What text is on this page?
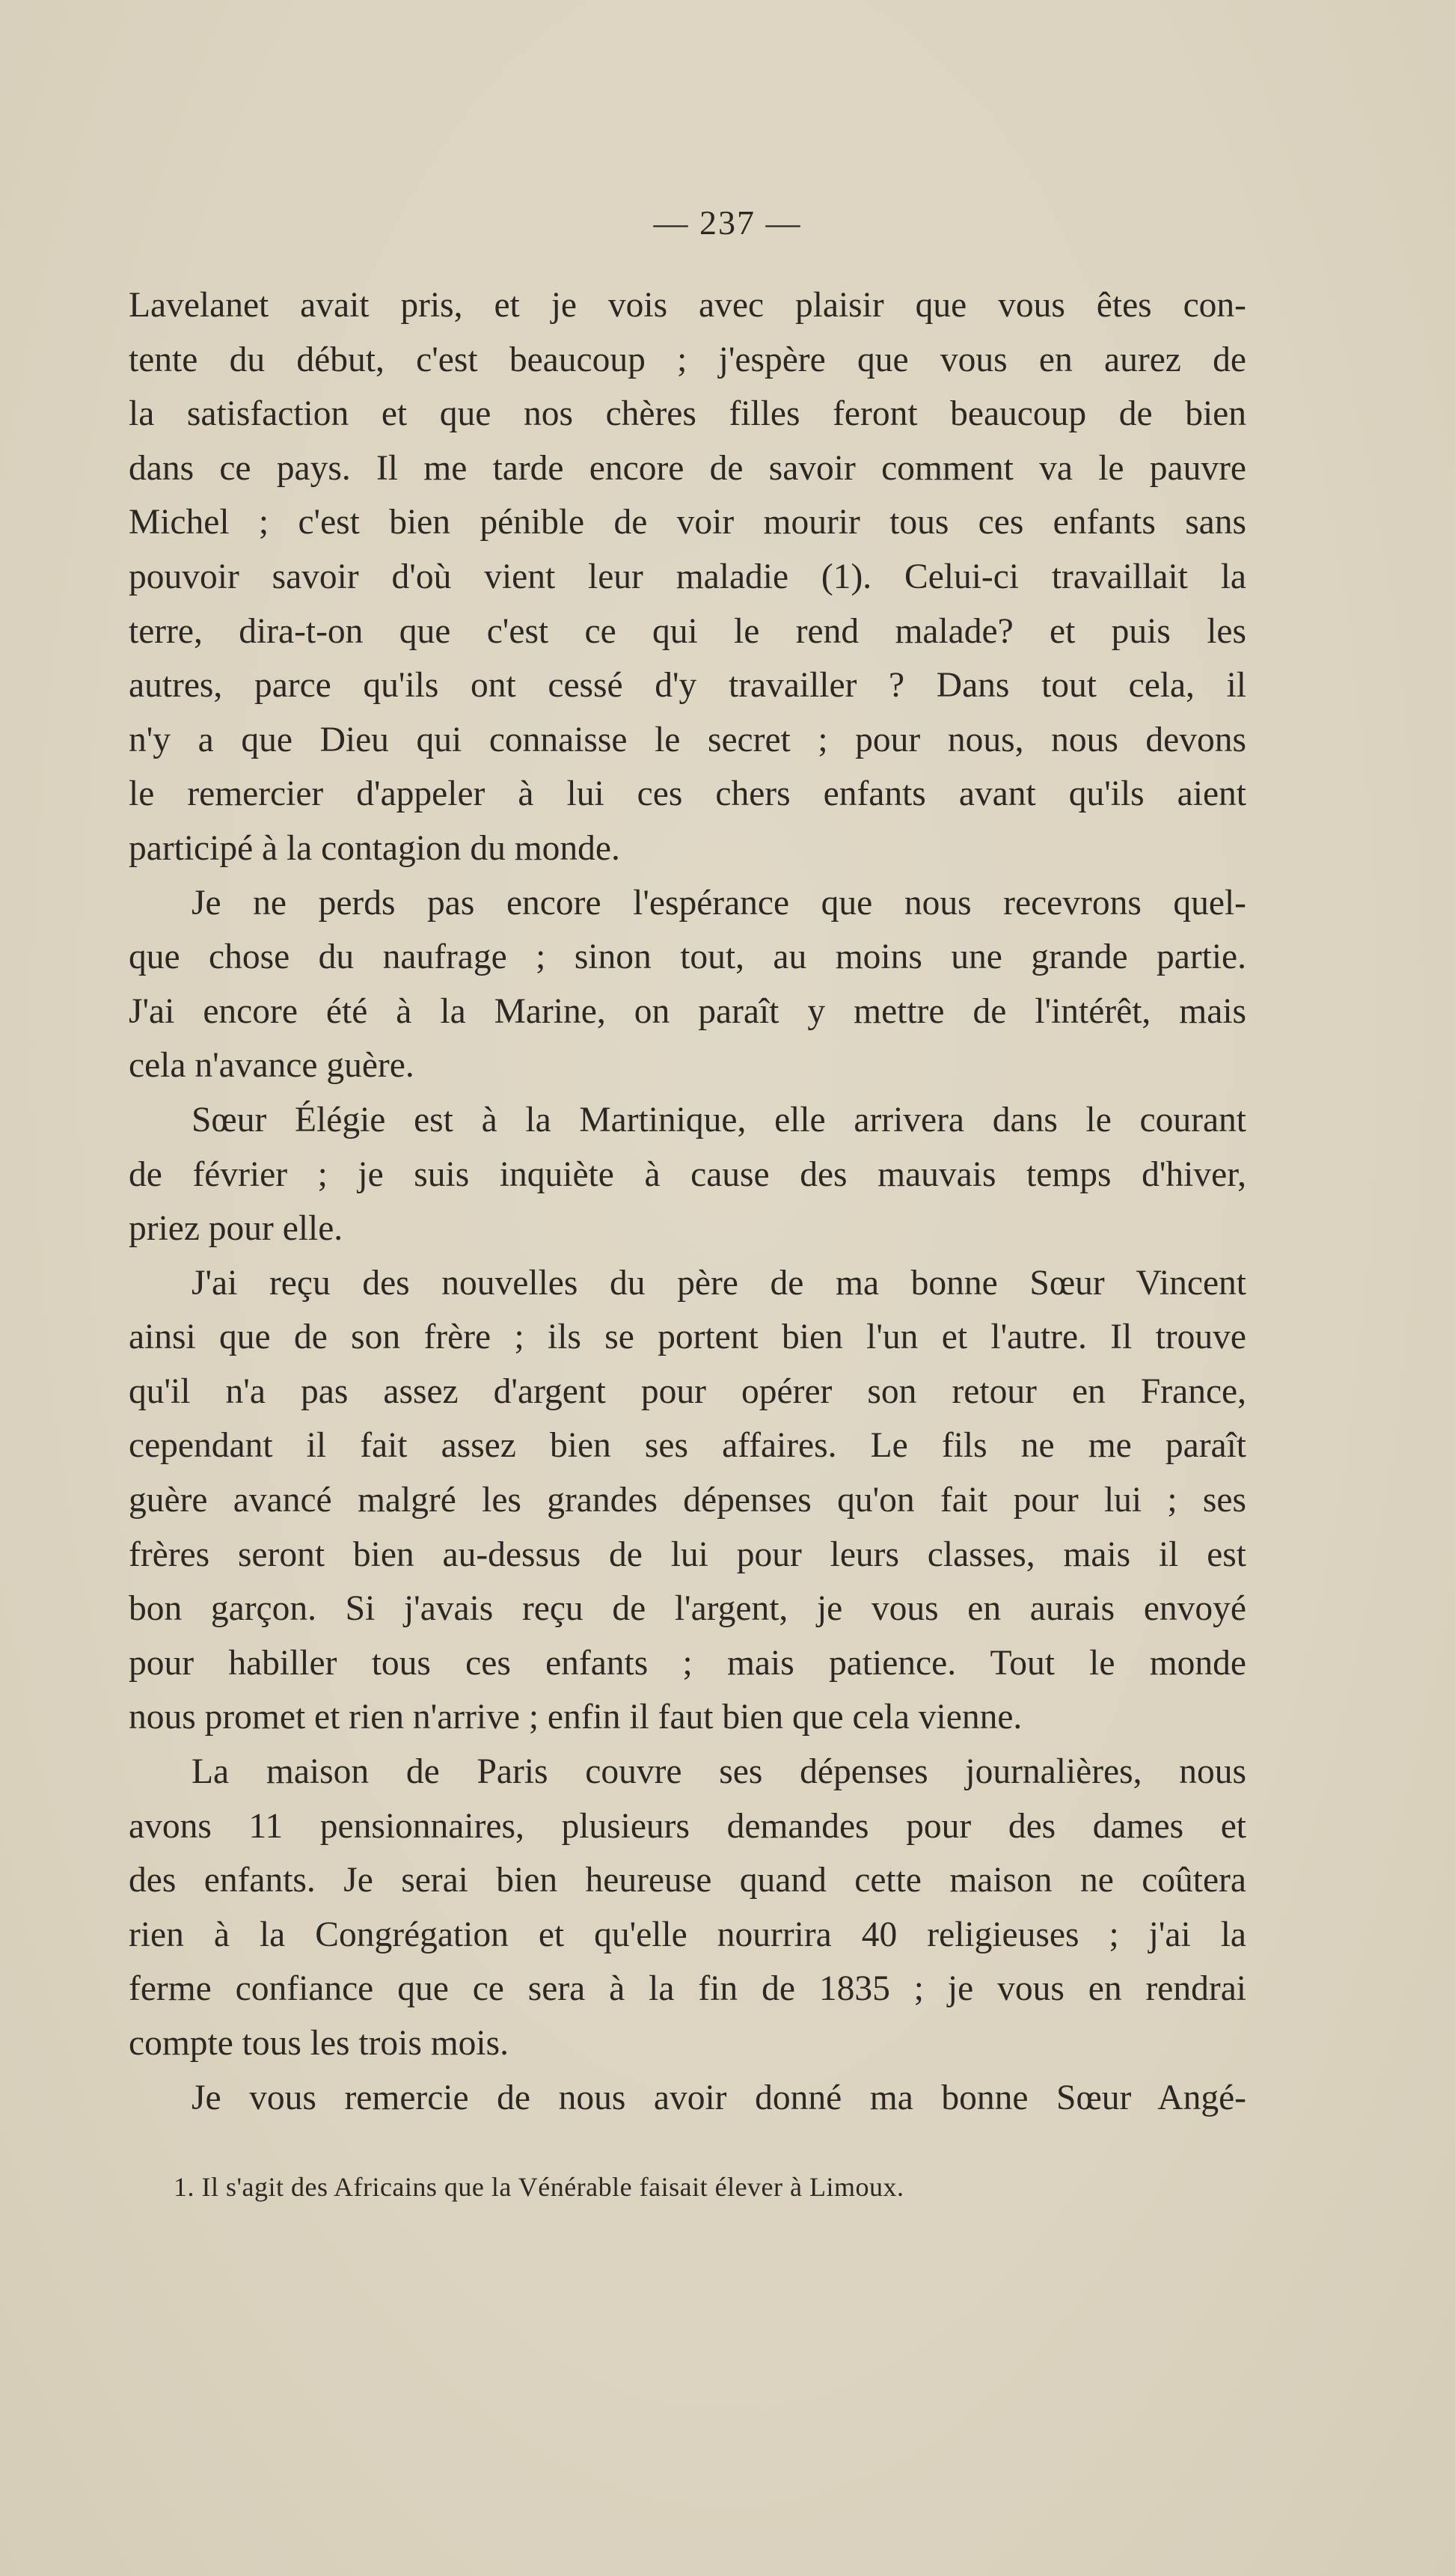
— 237 —
Lavelanet avait pris, et je vois avec plaisir que vous êtes con-
tente du début, c'est beaucoup ; j'espère que vous en aurez de
la satisfaction et que nos chères filles feront beaucoup de bien
dans ce pays. Il me tarde encore de savoir comment va le pauvre
Michel ; c'est bien pénible de voir mourir tous ces enfants sans
pouvoir savoir d'où vient leur maladie (1). Celui-ci travaillait la
terre, dira-t-on que c'est ce qui le rend malade? et puis les
autres, parce qu'ils ont cessé d'y travailler ? Dans tout cela, il
n'y a que Dieu qui connaisse le secret ; pour nous, nous devons
le remercier d'appeler à lui ces chers enfants avant qu'ils aient
participé à la contagion du monde.
Je ne perds pas encore l'espérance que nous recevrons quel-
que chose du naufrage ; sinon tout, au moins une grande partie.
J'ai encore été à la Marine, on paraît y mettre de l'intérêt, mais
cela n'avance guère.
Sœur Élégie est à la Martinique, elle arrivera dans le courant
de février ; je suis inquiète à cause des mauvais temps d'hiver,
priez pour elle.
J'ai reçu des nouvelles du père de ma bonne Sœur Vincent
ainsi que de son frère ; ils se portent bien l'un et l'autre. Il trouve
qu'il n'a pas assez d'argent pour opérer son retour en France,
cependant il fait assez bien ses affaires. Le fils ne me paraît
guère avancé malgré les grandes dépenses qu'on fait pour lui ; ses
frères seront bien au-dessus de lui pour leurs classes, mais il est
bon garçon. Si j'avais reçu de l'argent, je vous en aurais envoyé
pour habiller tous ces enfants ; mais patience. Tout le monde
nous promet et rien n'arrive ; enfin il faut bien que cela vienne.
La maison de Paris couvre ses dépenses journalières, nous
avons 11 pensionnaires, plusieurs demandes pour des dames et
des enfants. Je serai bien heureuse quand cette maison ne coûtera
rien à la Congrégation et qu'elle nourrira 40 religieuses ; j'ai la
ferme confiance que ce sera à la fin de 1835 ; je vous en rendrai
compte tous les trois mois.
Je vous remercie de nous avoir donné ma bonne Sœur Angé-
1. Il s'agit des Africains que la Vénérable faisait élever à Limoux.
